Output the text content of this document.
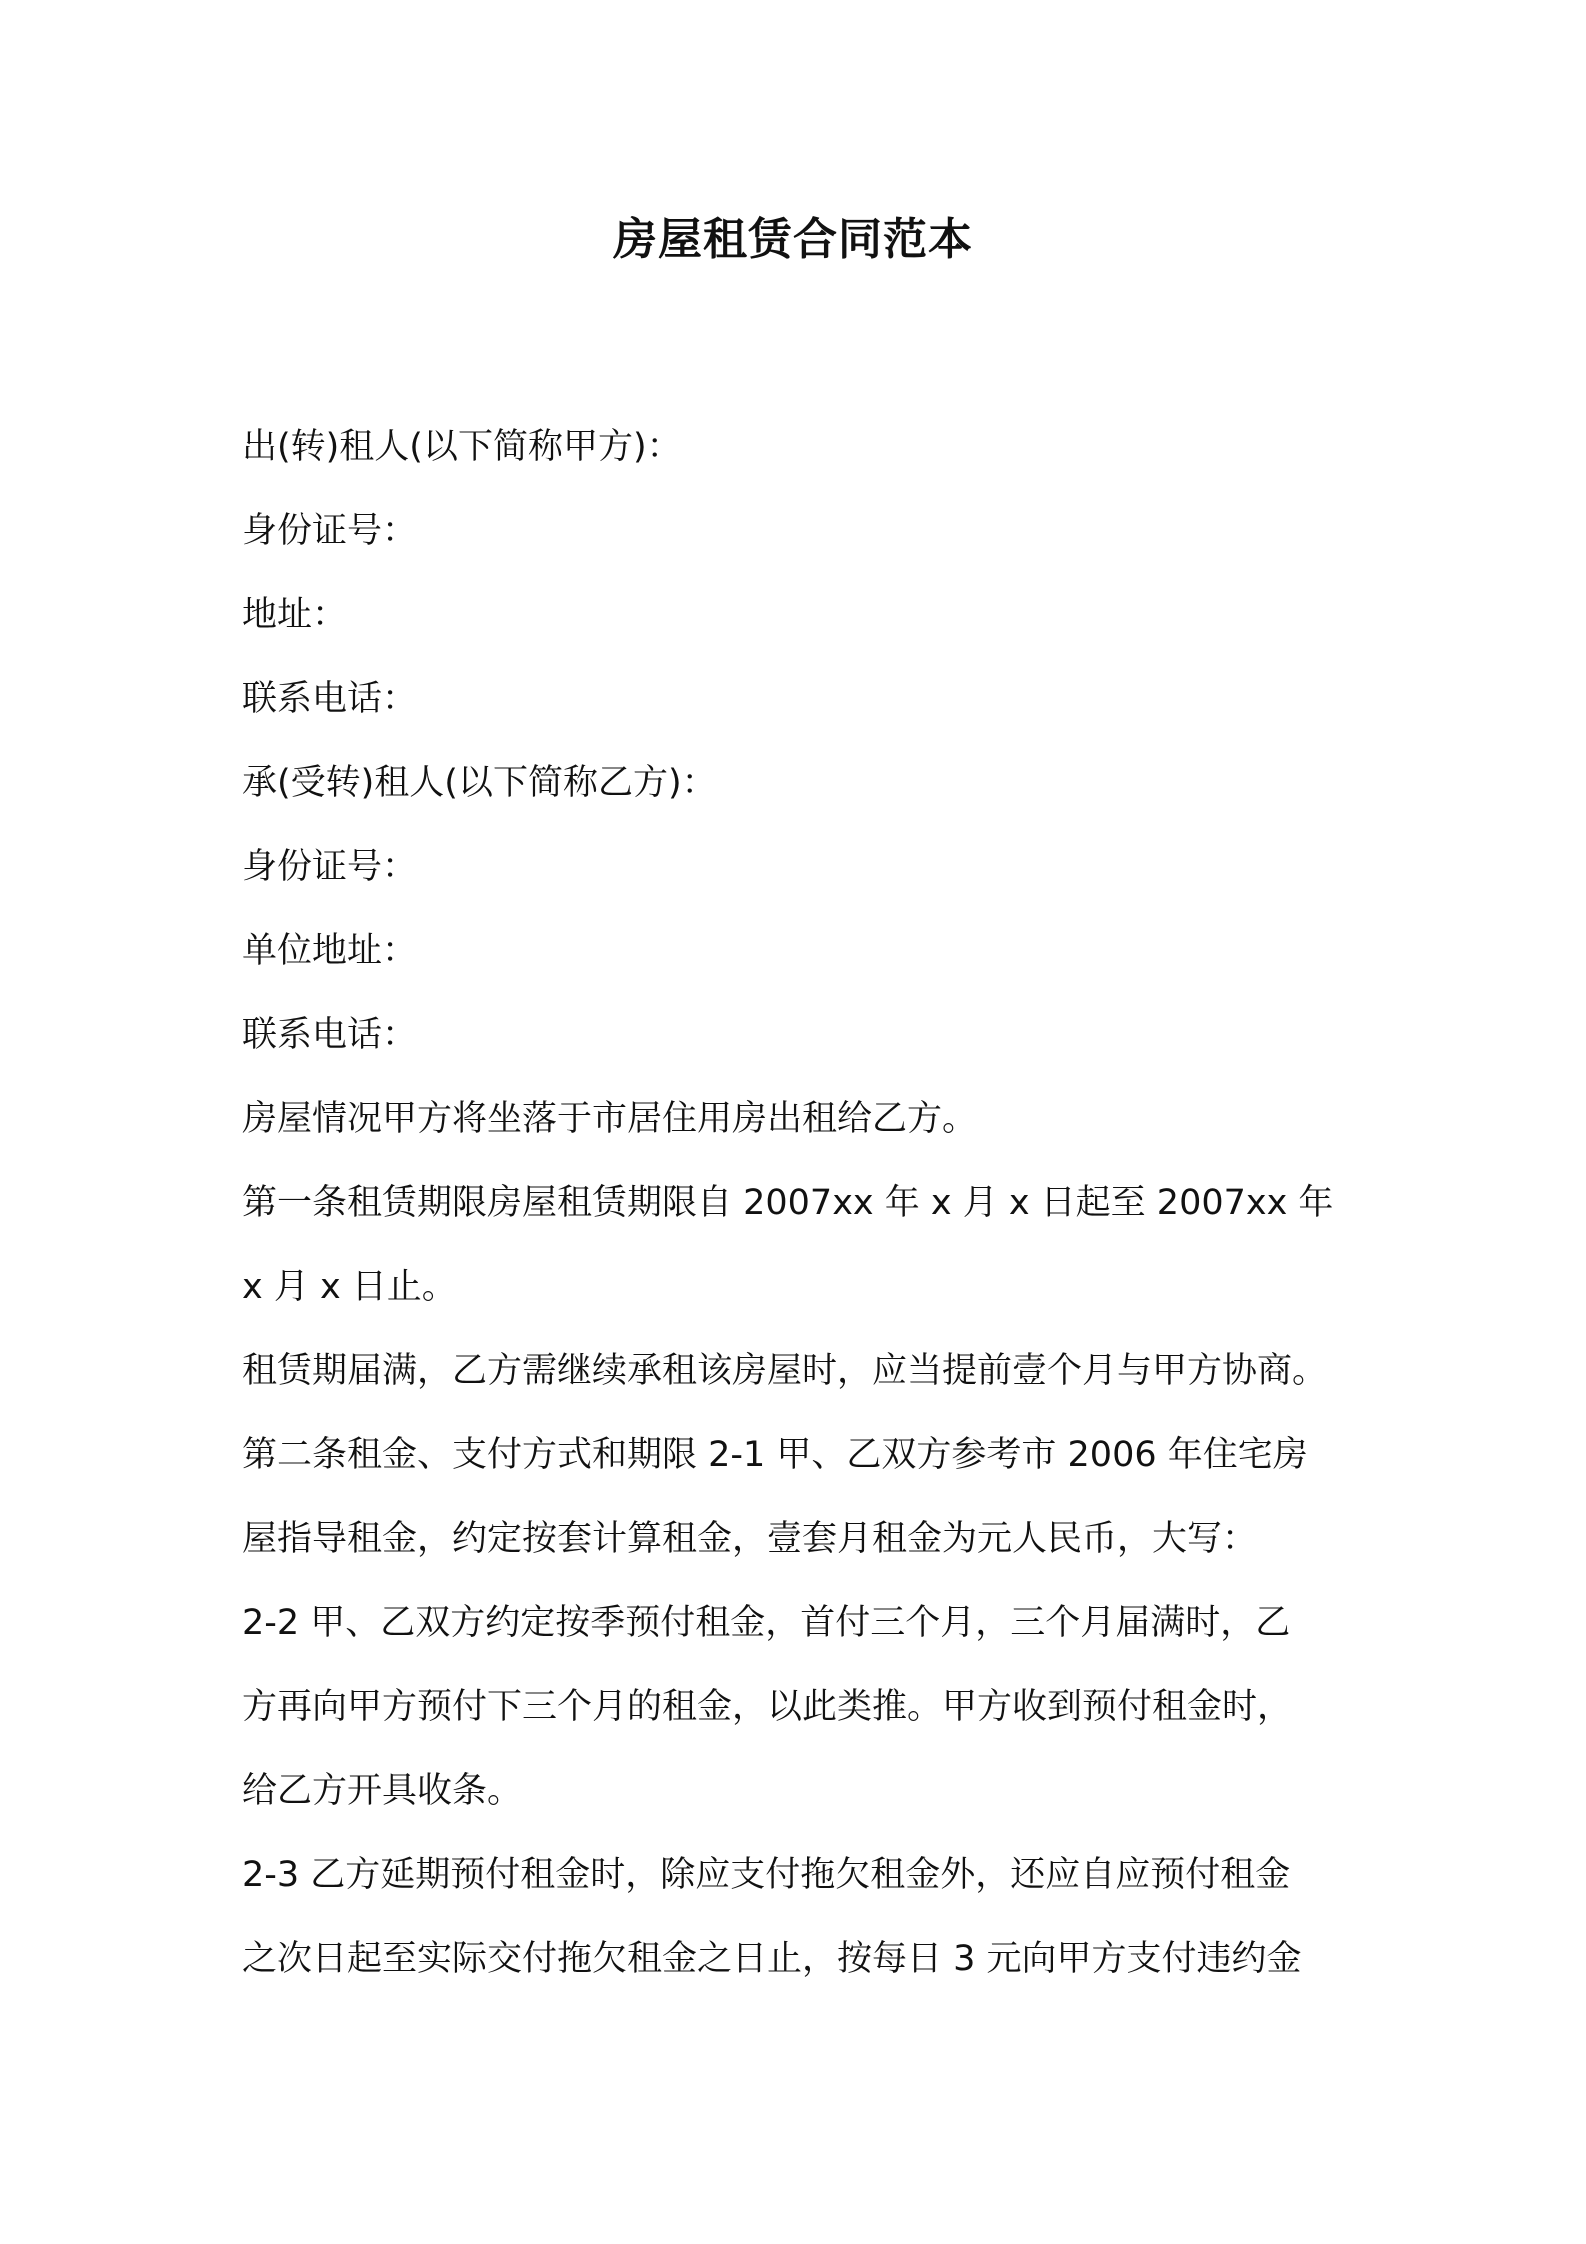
房屋租赁合同范本
出(转)租人(以下简称甲方)：
身份证号：
地址：
联系电话：
承(受转)租人(以下简称乙方)：
身份证号：
单位地址：
联系电话：
房屋情况甲方将坐落于市居住用房出租给乙方。
第一条租赁期限房屋租赁期限自 2007xx 年 x 月 x 日起至 2007xx 年
x 月 x 日止。
租赁期届满，乙方需继续承租该房屋时，应当提前壹个月与甲方协商。
第二条租金、支付方式和期限 2-1 甲、乙双方参考市 2006 年住宅房
屋指导租金，约定按套计算租金，壹套月租金为元人民币，大写：
2-2 甲、乙双方约定按季预付租金，首付三个月，三个月届满时，乙
方再向甲方预付下三个月的租金，以此类推。甲方收到预付租金时，
给乙方开具收条。
2-3 乙方延期预付租金时，除应支付拖欠租金外，还应自应预付租金
之次日起至实际交付拖欠租金之日止，按每日 3 元向甲方支付违约金
